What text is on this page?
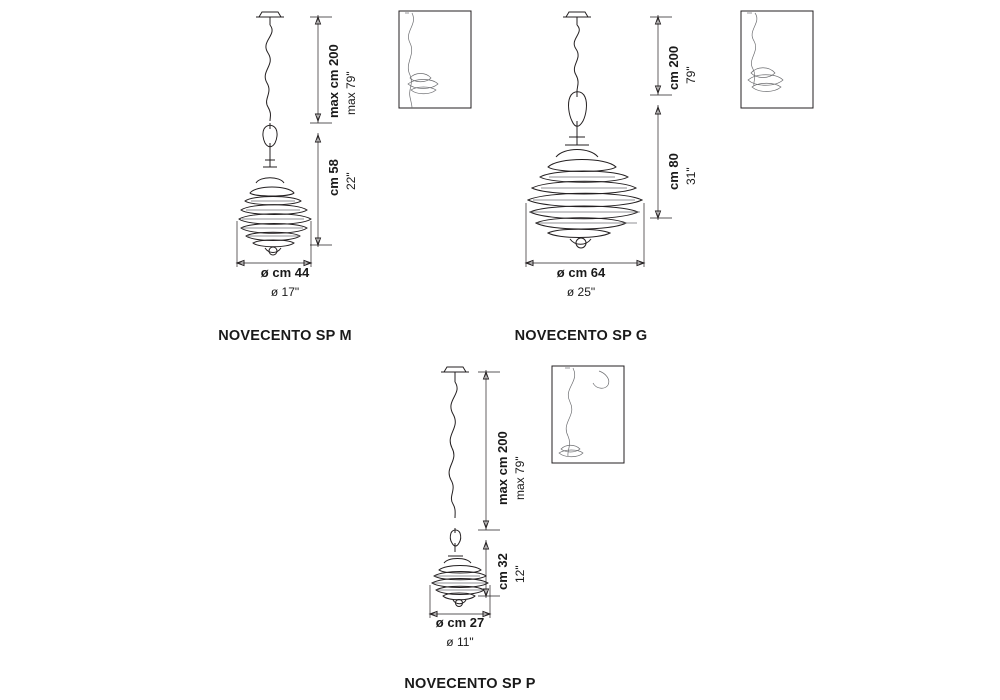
max cm 200 max 79"
cm 58 22"
ø cm 44
ø 17"
NOVECENTO SP M
cm 200 79"
cm 80 31"
ø cm 64
ø 25"
NOVECENTO SP G
max cm 200 max 79"
cm 32 12"
ø cm 27
ø 11"
NOVECENTO SP P
